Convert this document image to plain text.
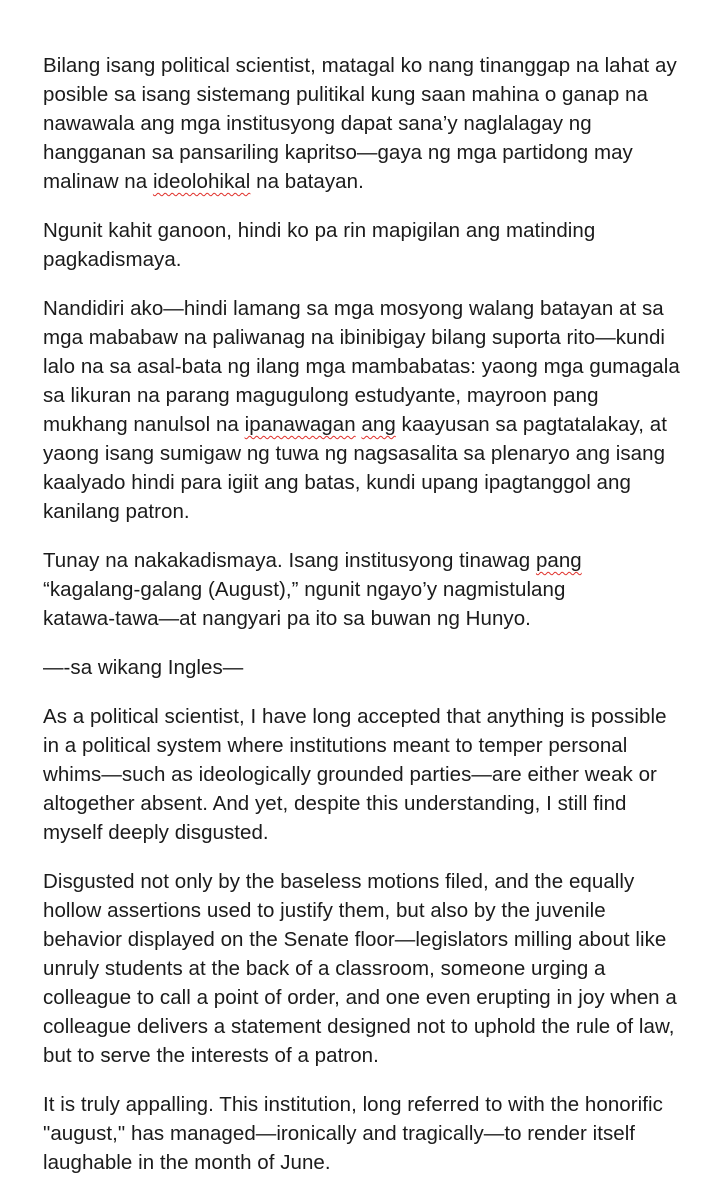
Bilang isang political scientist, matagal ko nang tinanggap na lahat ay
posible sa isang sistemang pulitikal kung saan mahina o ganap na
nawawala ang mga institusyong dapat sana’y naglalagay ng
hangganan sa pansariling kapritso—gaya ng mga partidong may
malinaw na ideolohikal na batayan.

Ngunit kahit ganoon, hindi ko pa rin mapigilan ang matinding
pagkadismaya.

Nandidiri ako—hindi lamang sa mga mosyong walang batayan at sa
mga mababaw na paliwanag na ibinibigay bilang suporta rito—kundi
lalo na sa asal-bata ng ilang mga mambabatas: yaong mga gumagala
sa likuran na parang magugulong estudyante, mayroon pang
mukhang nanulsol na ipanawagan ang kaayusan sa pagtatalakay, at
yaong isang sumigaw ng tuwa ng nagsasalita sa plenaryo ang isang
kaalyado hindi para igiit ang batas, kundi upang ipagtanggol ang
kanilang patron.

Tunay na nakakadismaya. Isang institusyong tinawag pang
“kagalang-galang (August),” ngunit ngayo’y nagmistulang
katawa-tawa—at nangyari pa ito sa buwan ng Hunyo.

—-sa wikang Ingles—

As a political scientist, I have long accepted that anything is possible
in a political system where institutions meant to temper personal
whims—such as ideologically grounded parties—are either weak or
altogether absent. And yet, despite this understanding, I still find
myself deeply disgusted.

Disgusted not only by the baseless motions filed, and the equally
hollow assertions used to justify them, but also by the juvenile
behavior displayed on the Senate floor—legislators milling about like
unruly students at the back of a classroom, someone urging a
colleague to call a point of order, and one even erupting in joy when a
colleague delivers a statement designed not to uphold the rule of law,
but to serve the interests of a patron.

It is truly appalling. This institution, long referred to with the honorific
"august," has managed—ironically and tragically—to render itself
laughable in the month of June.
